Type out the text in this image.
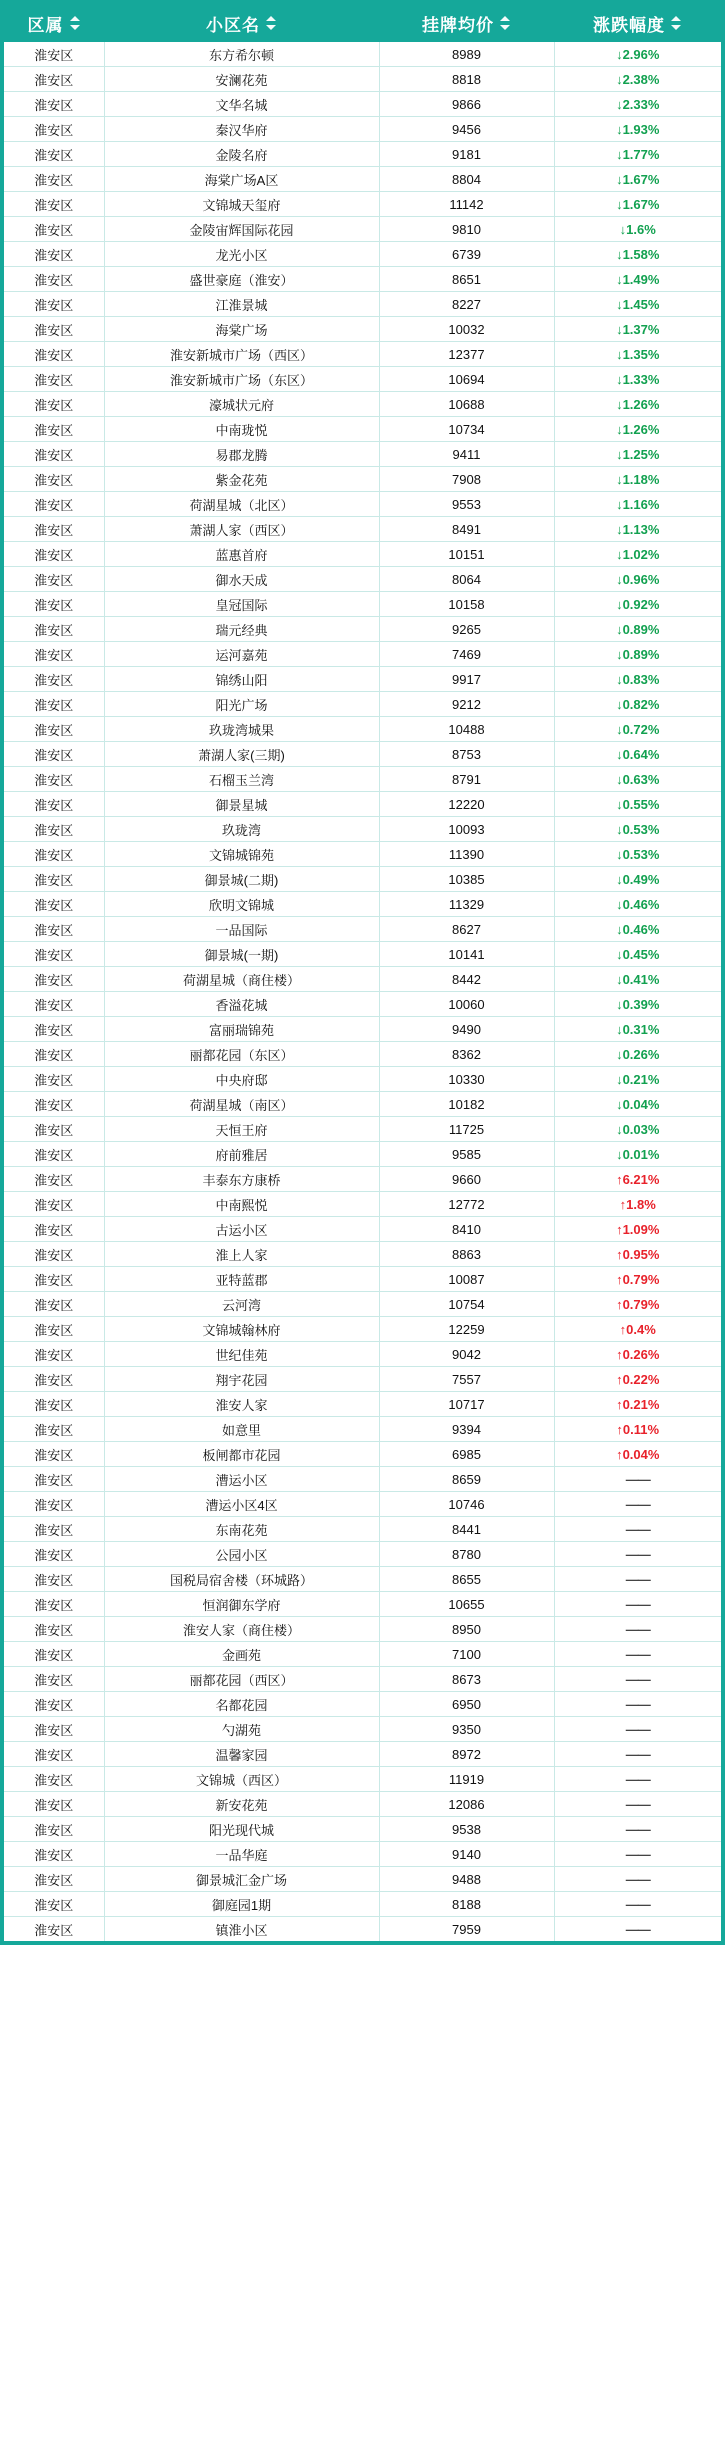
区属	小区名	挂牌均价	涨跌幅度

淮安区	东方希尔顿	8989	↓2.96%
淮安区	安澜花苑	8818	↓2.38%
淮安区	文华名城	9866	↓2.33%
淮安区	秦汉华府	9456	↓1.93%
淮安区	金陵名府	9181	↓1.77%
淮安区	海棠广场A区	8804	↓1.67%
淮安区	文锦城天玺府	11142	↓1.67%
淮安区	金陵宙辉国际花园	9810	↓1.6%
淮安区	龙光小区	6739	↓1.58%
淮安区	盛世豪庭（淮安）	8651	↓1.49%
淮安区	江淮景城	8227	↓1.45%
淮安区	海棠广场	10032	↓1.37%
淮安区	淮安新城市广场（西区）	12377	↓1.35%
淮安区	淮安新城市广场（东区）	10694	↓1.33%
淮安区	濠城状元府	10688	↓1.26%
淮安区	中南珑悦	10734	↓1.26%
淮安区	易郡龙腾	9411	↓1.25%
淮安区	紫金花苑	7908	↓1.18%
淮安区	荷湖星城（北区）	9553	↓1.16%
淮安区	萧湖人家（西区）	8491	↓1.13%
淮安区	蓝惠首府	10151	↓1.02%
淮安区	御水天成	8064	↓0.96%
淮安区	皇冠国际	10158	↓0.92%
淮安区	瑞元经典	9265	↓0.89%
淮安区	运河嘉苑	7469	↓0.89%
淮安区	锦绣山阳	9917	↓0.83%
淮安区	阳光广场	9212	↓0.82%
淮安区	玖珑湾城果	10488	↓0.72%
淮安区	萧湖人家(三期)	8753	↓0.64%
淮安区	石榴玉兰湾	8791	↓0.63%
淮安区	御景星城	12220	↓0.55%
淮安区	玖珑湾	10093	↓0.53%
淮安区	文锦城锦苑	11390	↓0.53%
淮安区	御景城(二期)	10385	↓0.49%
淮安区	欣明文锦城	11329	↓0.46%
淮安区	一品国际	8627	↓0.46%
淮安区	御景城(一期)	10141	↓0.45%
淮安区	荷湖星城（商住楼）	8442	↓0.41%
淮安区	香溢花城	10060	↓0.39%
淮安区	富丽瑞锦苑	9490	↓0.31%
淮安区	丽都花园（东区）	8362	↓0.26%
淮安区	中央府邸	10330	↓0.21%
淮安区	荷湖星城（南区）	10182	↓0.04%
淮安区	天恒王府	11725	↓0.03%
淮安区	府前雅居	9585	↓0.01%
淮安区	丰泰东方康桥	9660	↑6.21%
淮安区	中南熙悦	12772	↑1.8%
淮安区	古运小区	8410	↑1.09%
淮安区	淮上人家	8863	↑0.95%
淮安区	亚特蓝郡	10087	↑0.79%
淮安区	云河湾	10754	↑0.79%
淮安区	文锦城翰林府	12259	↑0.4%
淮安区	世纪佳苑	9042	↑0.26%
淮安区	翔宇花园	7557	↑0.22%
淮安区	淮安人家	10717	↑0.21%
淮安区	如意里	9394	↑0.11%
淮安区	板闸都市花园	6985	↑0.04%
淮安区	漕运小区	8659	——
淮安区	漕运小区4区	10746	——
淮安区	东南花苑	8441	——
淮安区	公园小区	8780	——
淮安区	国税局宿舍楼（环城路）	8655	——
淮安区	恒润御东学府	10655	——
淮安区	淮安人家（商住楼）	8950	——
淮安区	金画苑	7100	——
淮安区	丽都花园（西区）	8673	——
淮安区	名都花园	6950	——
淮安区	勺湖苑	9350	——
淮安区	温馨家园	8972	——
淮安区	文锦城（西区）	11919	——
淮安区	新安花苑	12086	——
淮安区	阳光现代城	9538	——
淮安区	一品华庭	9140	——
淮安区	御景城汇金广场	9488	——
淮安区	御庭园1期	8188	——
淮安区	镇淮小区	7959	——
